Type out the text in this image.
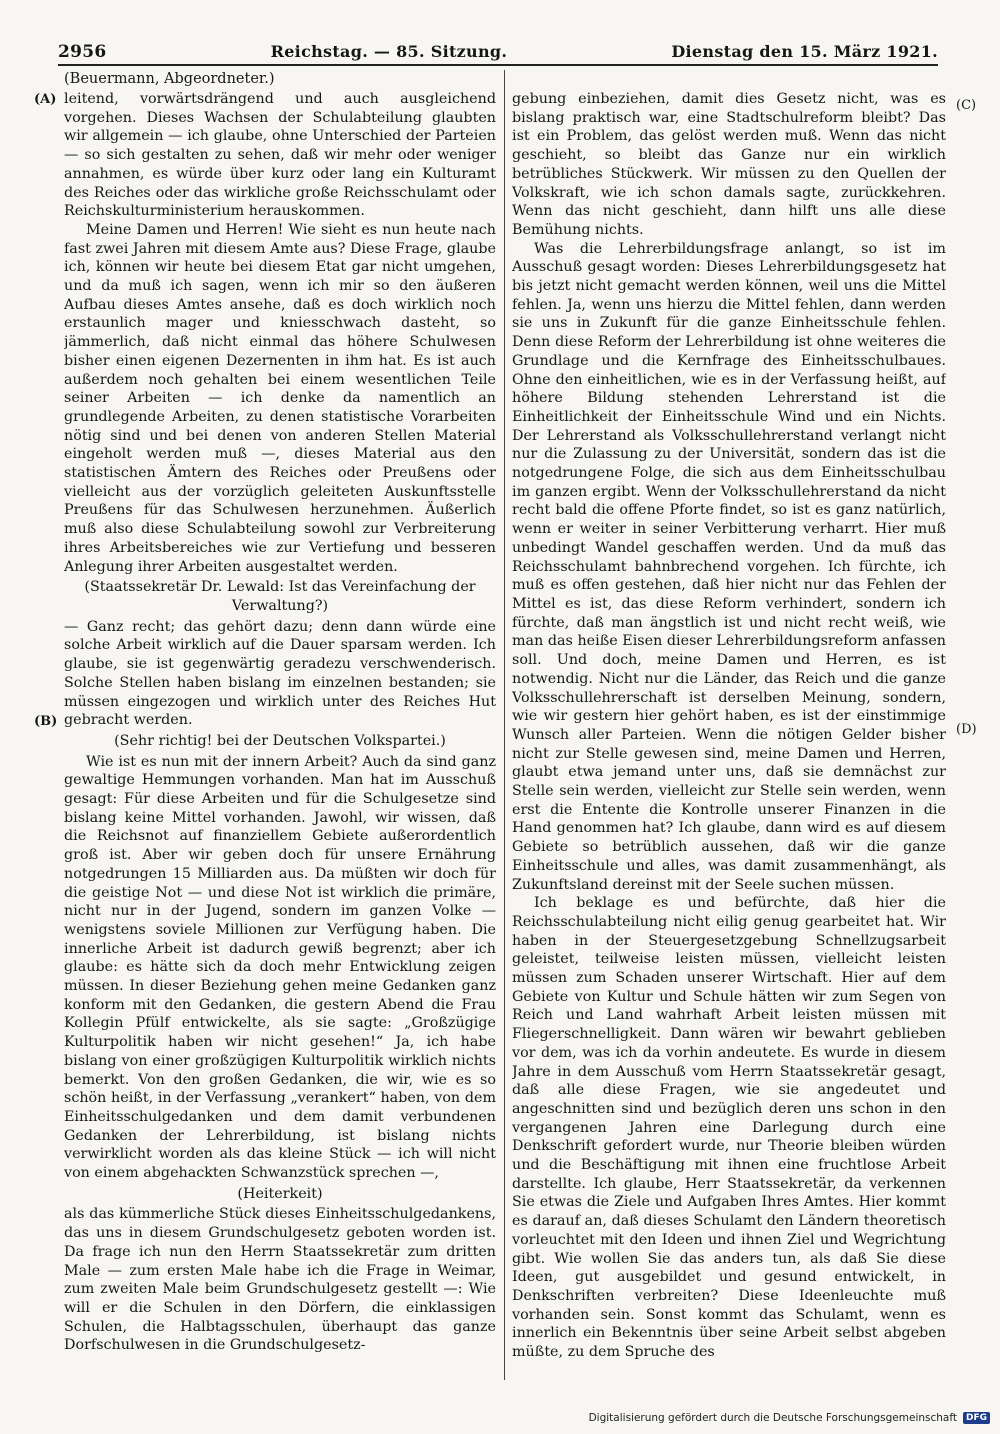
2956	Reichstag. — 85. Sitzung.	Dienstag den 15. März 1921.
(Beuermann, Abgeordneter.)
(A)
(B)
(C)
(D)

leitend, vorwärtsdrängend und auch ausgleichend vorgehen. Dieses Wachsen der Schulabteilung glaubten wir allgemein — ich glaube, ohne Unterschied der Parteien — so sich gestalten zu sehen, daß wir mehr oder weniger annahmen, es würde über kurz oder lang ein Kulturamt des Reiches oder das wirkliche große Reichsschulamt oder Reichskulturministerium herauskommen.

Meine Damen und Herren! Wie sieht es nun heute nach fast zwei Jahren mit diesem Amte aus? Diese Frage, glaube ich, können wir heute bei diesem Etat gar nicht umgehen, und da muß ich sagen, wenn ich mir so den äußeren Aufbau dieses Amtes ansehe, daß es doch wirklich noch erstaunlich mager und kniesschwach dasteht, so jämmerlich, daß nicht einmal das höhere Schulwesen bisher einen eigenen Dezernenten in ihm hat. Es ist auch außerdem noch gehalten bei einem wesentlichen Teile seiner Arbeiten — ich denke da namentlich an grundlegende Arbeiten, zu denen statistische Vorarbeiten nötig sind und bei denen von anderen Stellen Material eingeholt werden muß —, dieses Material aus den statistischen Ämtern des Reiches oder Preußens oder vielleicht aus der vorzüglich geleiteten Auskunftsstelle Preußens für das Schulwesen herzunehmen. Äußerlich muß also diese Schulabteilung sowohl zur Verbreiterung ihres Arbeitsbereiches wie zur Vertiefung und besseren Anlegung ihrer Arbeiten ausgestaltet werden.

(Staatssekretär Dr. Lewald: Ist das Vereinfachung der Verwaltung?)

— Ganz recht; das gehört dazu; denn dann würde eine solche Arbeit wirklich auf die Dauer sparsam werden. Ich glaube, sie ist gegenwärtig geradezu verschwenderisch. Solche Stellen haben bislang im einzelnen bestanden; sie müssen eingezogen und wirklich unter des Reiches Hut gebracht werden.

(Sehr richtig! bei der Deutschen Volkspartei.)

Wie ist es nun mit der innern Arbeit? Auch da sind ganz gewaltige Hemmungen vorhanden. Man hat im Ausschuß gesagt: Für diese Arbeiten und für die Schulgesetze sind bislang keine Mittel vorhanden. Jawohl, wir wissen, daß die Reichsnot auf finanziellem Gebiete außerordentlich groß ist. Aber wir geben doch für unsere Ernährung notgedrungen 15 Milliarden aus. Da müßten wir doch für die geistige Not — und diese Not ist wirklich die primäre, nicht nur in der Jugend, sondern im ganzen Volke — wenigstens soviele Millionen zur Verfügung haben. Die innerliche Arbeit ist dadurch gewiß begrenzt; aber ich glaube: es hätte sich da doch mehr Entwicklung zeigen müssen. In dieser Beziehung gehen meine Gedanken ganz konform mit den Gedanken, die gestern Abend die Frau Kollegin Pfülf entwickelte, als sie sagte: „Großzügige Kulturpolitik haben wir nicht gesehen!“ Ja, ich habe bislang von einer großzügigen Kulturpolitik wirklich nichts bemerkt. Von den großen Gedanken, die wir, wie es so schön heißt, in der Verfassung „verankert“ haben, von dem Einheitsschulgedanken und dem damit verbundenen Gedanken der Lehrerbildung, ist bislang nichts verwirklicht worden als das kleine Stück — ich will nicht von einem abgehackten Schwanzstück sprechen —,

(Heiterkeit)

als das kümmerliche Stück dieses Einheitsschulgedankens, das uns in diesem Grundschulgesetz geboten worden ist. Da frage ich nun den Herrn Staatssekretär zum dritten Male — zum ersten Male habe ich die Frage in Weimar, zum zweiten Male beim Grundschulgesetz gestellt —: Wie will er die Schulen in den Dörfern, die einklassigen Schulen, die Halbtagsschulen, überhaupt das ganze Dorfschulwesen in die Grundschulgesetz-

gebung einbeziehen, damit dies Gesetz nicht, was es bislang praktisch war, eine Stadtschulreform bleibt? Das ist ein Problem, das gelöst werden muß. Wenn das nicht geschieht, so bleibt das Ganze nur ein wirklich betrübliches Stückwerk. Wir müssen zu den Quellen der Volkskraft, wie ich schon damals sagte, zurückkehren. Wenn das nicht geschieht, dann hilft uns alle diese Bemühung nichts.

Was die Lehrerbildungsfrage anlangt, so ist im Ausschuß gesagt worden: Dieses Lehrerbildungsgesetz hat bis jetzt nicht gemacht werden können, weil uns die Mittel fehlen. Ja, wenn uns hierzu die Mittel fehlen, dann werden sie uns in Zukunft für die ganze Einheitsschule fehlen. Denn diese Reform der Lehrerbildung ist ohne weiteres die Grundlage und die Kernfrage des Einheitsschulbaues. Ohne den einheitlichen, wie es in der Verfassung heißt, auf höhere Bildung stehenden Lehrerstand ist die Einheitlichkeit der Einheitsschule Wind und ein Nichts. Der Lehrerstand als Volksschullehrerstand verlangt nicht nur die Zulassung zu der Universität, sondern das ist die notgedrungene Folge, die sich aus dem Einheitsschulbau im ganzen ergibt. Wenn der Volksschullehrerstand da nicht recht bald die offene Pforte findet, so ist es ganz natürlich, wenn er weiter in seiner Verbitterung verharrt. Hier muß unbedingt Wandel geschaffen werden. Und da muß das Reichsschulamt bahnbrechend vorgehen. Ich fürchte, ich muß es offen gestehen, daß hier nicht nur das Fehlen der Mittel es ist, das diese Reform verhindert, sondern ich fürchte, daß man ängstlich ist und nicht recht weiß, wie man das heiße Eisen dieser Lehrerbildungsreform anfassen soll. Und doch, meine Damen und Herren, es ist notwendig. Nicht nur die Länder, das Reich und die ganze Volksschullehrerschaft ist derselben Meinung, sondern, wie wir gestern hier gehört haben, es ist der einstimmige Wunsch aller Parteien. Wenn die nötigen Gelder bisher nicht zur Stelle gewesen sind, meine Damen und Herren, glaubt etwa jemand unter uns, daß sie demnächst zur Stelle sein werden, vielleicht zur Stelle sein werden, wenn erst die Entente die Kontrolle unserer Finanzen in die Hand genommen hat? Ich glaube, dann wird es auf diesem Gebiete so betrüblich aussehen, daß wir die ganze Einheitsschule und alles, was damit zusammenhängt, als Zukunftsland dereinst mit der Seele suchen müssen.

Ich beklage es und befürchte, daß hier die Reichsschulabteilung nicht eilig genug gearbeitet hat. Wir haben in der Steuergesetzgebung Schnellzugsarbeit geleistet, teilweise leisten müssen, vielleicht leisten müssen zum Schaden unserer Wirtschaft. Hier auf dem Gebiete von Kultur und Schule hätten wir zum Segen von Reich und Land wahrhaft Arbeit leisten müssen mit Fliegerschnelligkeit. Dann wären wir bewahrt geblieben vor dem, was ich da vorhin andeutete. Es wurde in diesem Jahre in dem Ausschuß vom Herrn Staatssekretär gesagt, daß alle diese Fragen, wie sie angedeutet und angeschnitten sind und bezüglich deren uns schon in den vergangenen Jahren eine Darlegung durch eine Denkschrift gefordert wurde, nur Theorie bleiben würden und die Beschäftigung mit ihnen eine fruchtlose Arbeit darstellte. Ich glaube, Herr Staatssekretär, da verkennen Sie etwas die Ziele und Aufgaben Ihres Amtes. Hier kommt es darauf an, daß dieses Schulamt den Ländern theoretisch vorleuchtet mit den Ideen und ihnen Ziel und Wegrichtung gibt. Wie wollen Sie das anders tun, als daß Sie diese Ideen, gut ausgebildet und gesund entwickelt, in Denkschriften verbreiten? Diese Ideenleuchte muß vorhanden sein. Sonst kommt das Schulamt, wenn es innerlich ein Bekenntnis über seine Arbeit selbst abgeben müßte, zu dem Spruche des

Digitalisierung gefördert durch die Deutsche Forschungsgemeinschaft	DFG
